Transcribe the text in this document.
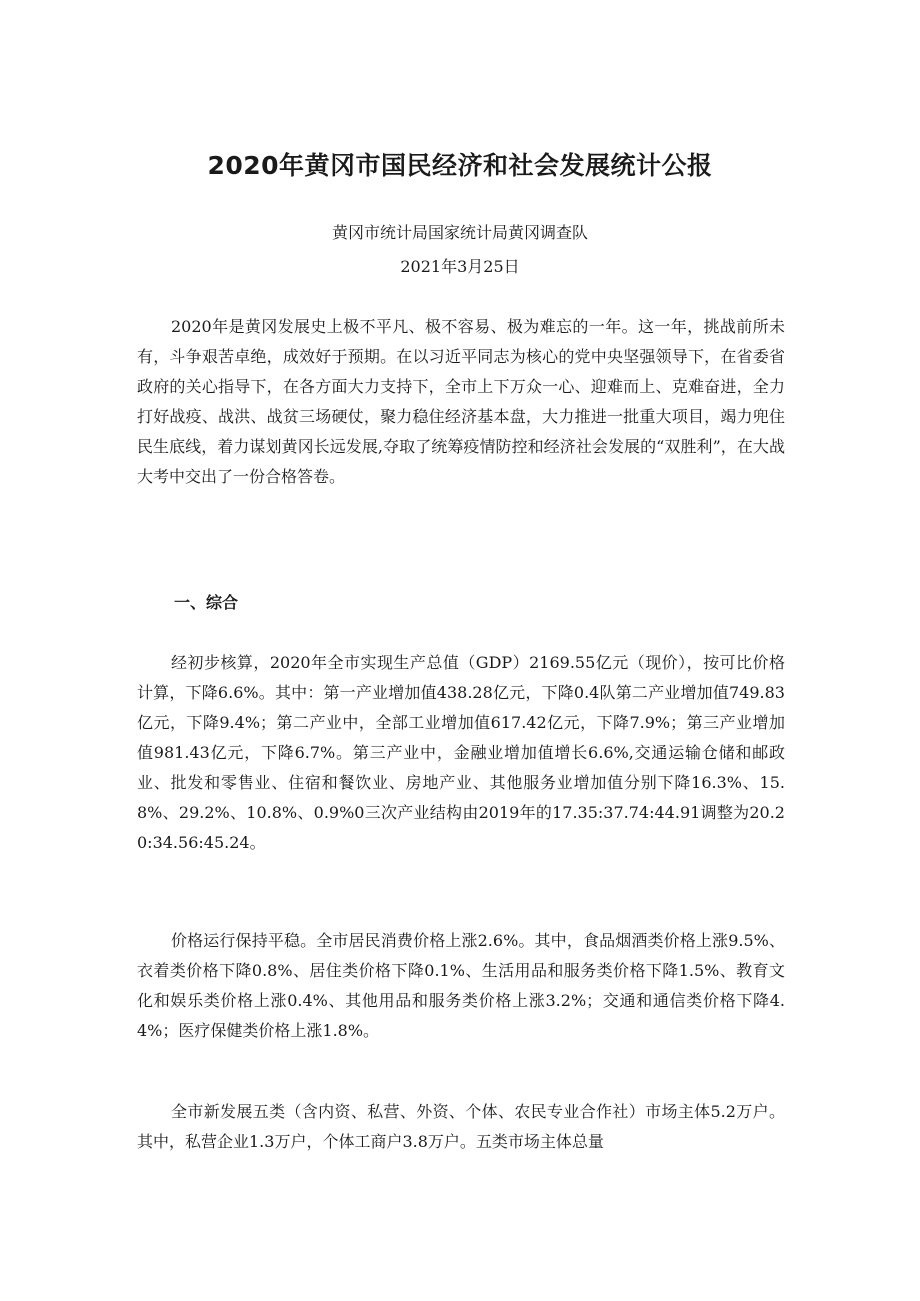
2020年黄冈市国民经济和社会发展统计公报

黄冈市统计局国家统计局黄冈调查队

2021年3月25日

2020年是黄冈发展史上极不平凡、极不容易、极为难忘的一年。这一年，挑战前所未有，斗争艰苦卓绝，成效好于预期。在以习近平同志为核心的党中央坚强领导下，在省委省政府的关心指导下，在各方面大力支持下，全市上下万众一心、迎难而上、克难奋进，全力打好战疫、战洪、战贫三场硬仗，聚力稳住经济基本盘，大力推进一批重大项目，竭力兜住民生底线，着力谋划黄冈长远发展,夺取了统筹疫情防控和经济社会发展的“双胜利”，在大战大考中交出了一份合格答卷。

一、综合

经初步核算，2020年全市实现生产总值（GDP）2169.55亿元（现价），按可比价格计算，下降6.6%。其中：第一产业增加值438.28亿元，下降0.4队第二产业增加值749.83亿元，下降9.4%；第二产业中，全部工业增加值617.42亿元，下降7.9%；第三产业增加值981.43亿元，下降6.7%。第三产业中，金融业增加值增长6.6%,交通运输仓储和邮政业、批发和零售业、住宿和餐饮业、房地产业、其他服务业增加值分别下降16.3%、15.8%、29.2%、10.8%、0.9%0三次产业结构由2019年的17.35:37.74:44.91调整为20.20:34.56:45.24。

价格运行保持平稳。全市居民消费价格上涨2.6%。其中，食品烟酒类价格上涨9.5%、衣着类价格下降0.8%、居住类价格下降0.1%、生活用品和服务类价格下降1.5%、教育文化和娱乐类价格上涨0.4%、其他用品和服务类价格上涨3.2%；交通和通信类价格下降4.4%；医疗保健类价格上涨1.8%。

全市新发展五类（含内资、私营、外资、个体、农民专业合作社）市场主体5.2万户。其中，私营企业1.3万户，个体工商户3.8万户。五类市场主体总量
